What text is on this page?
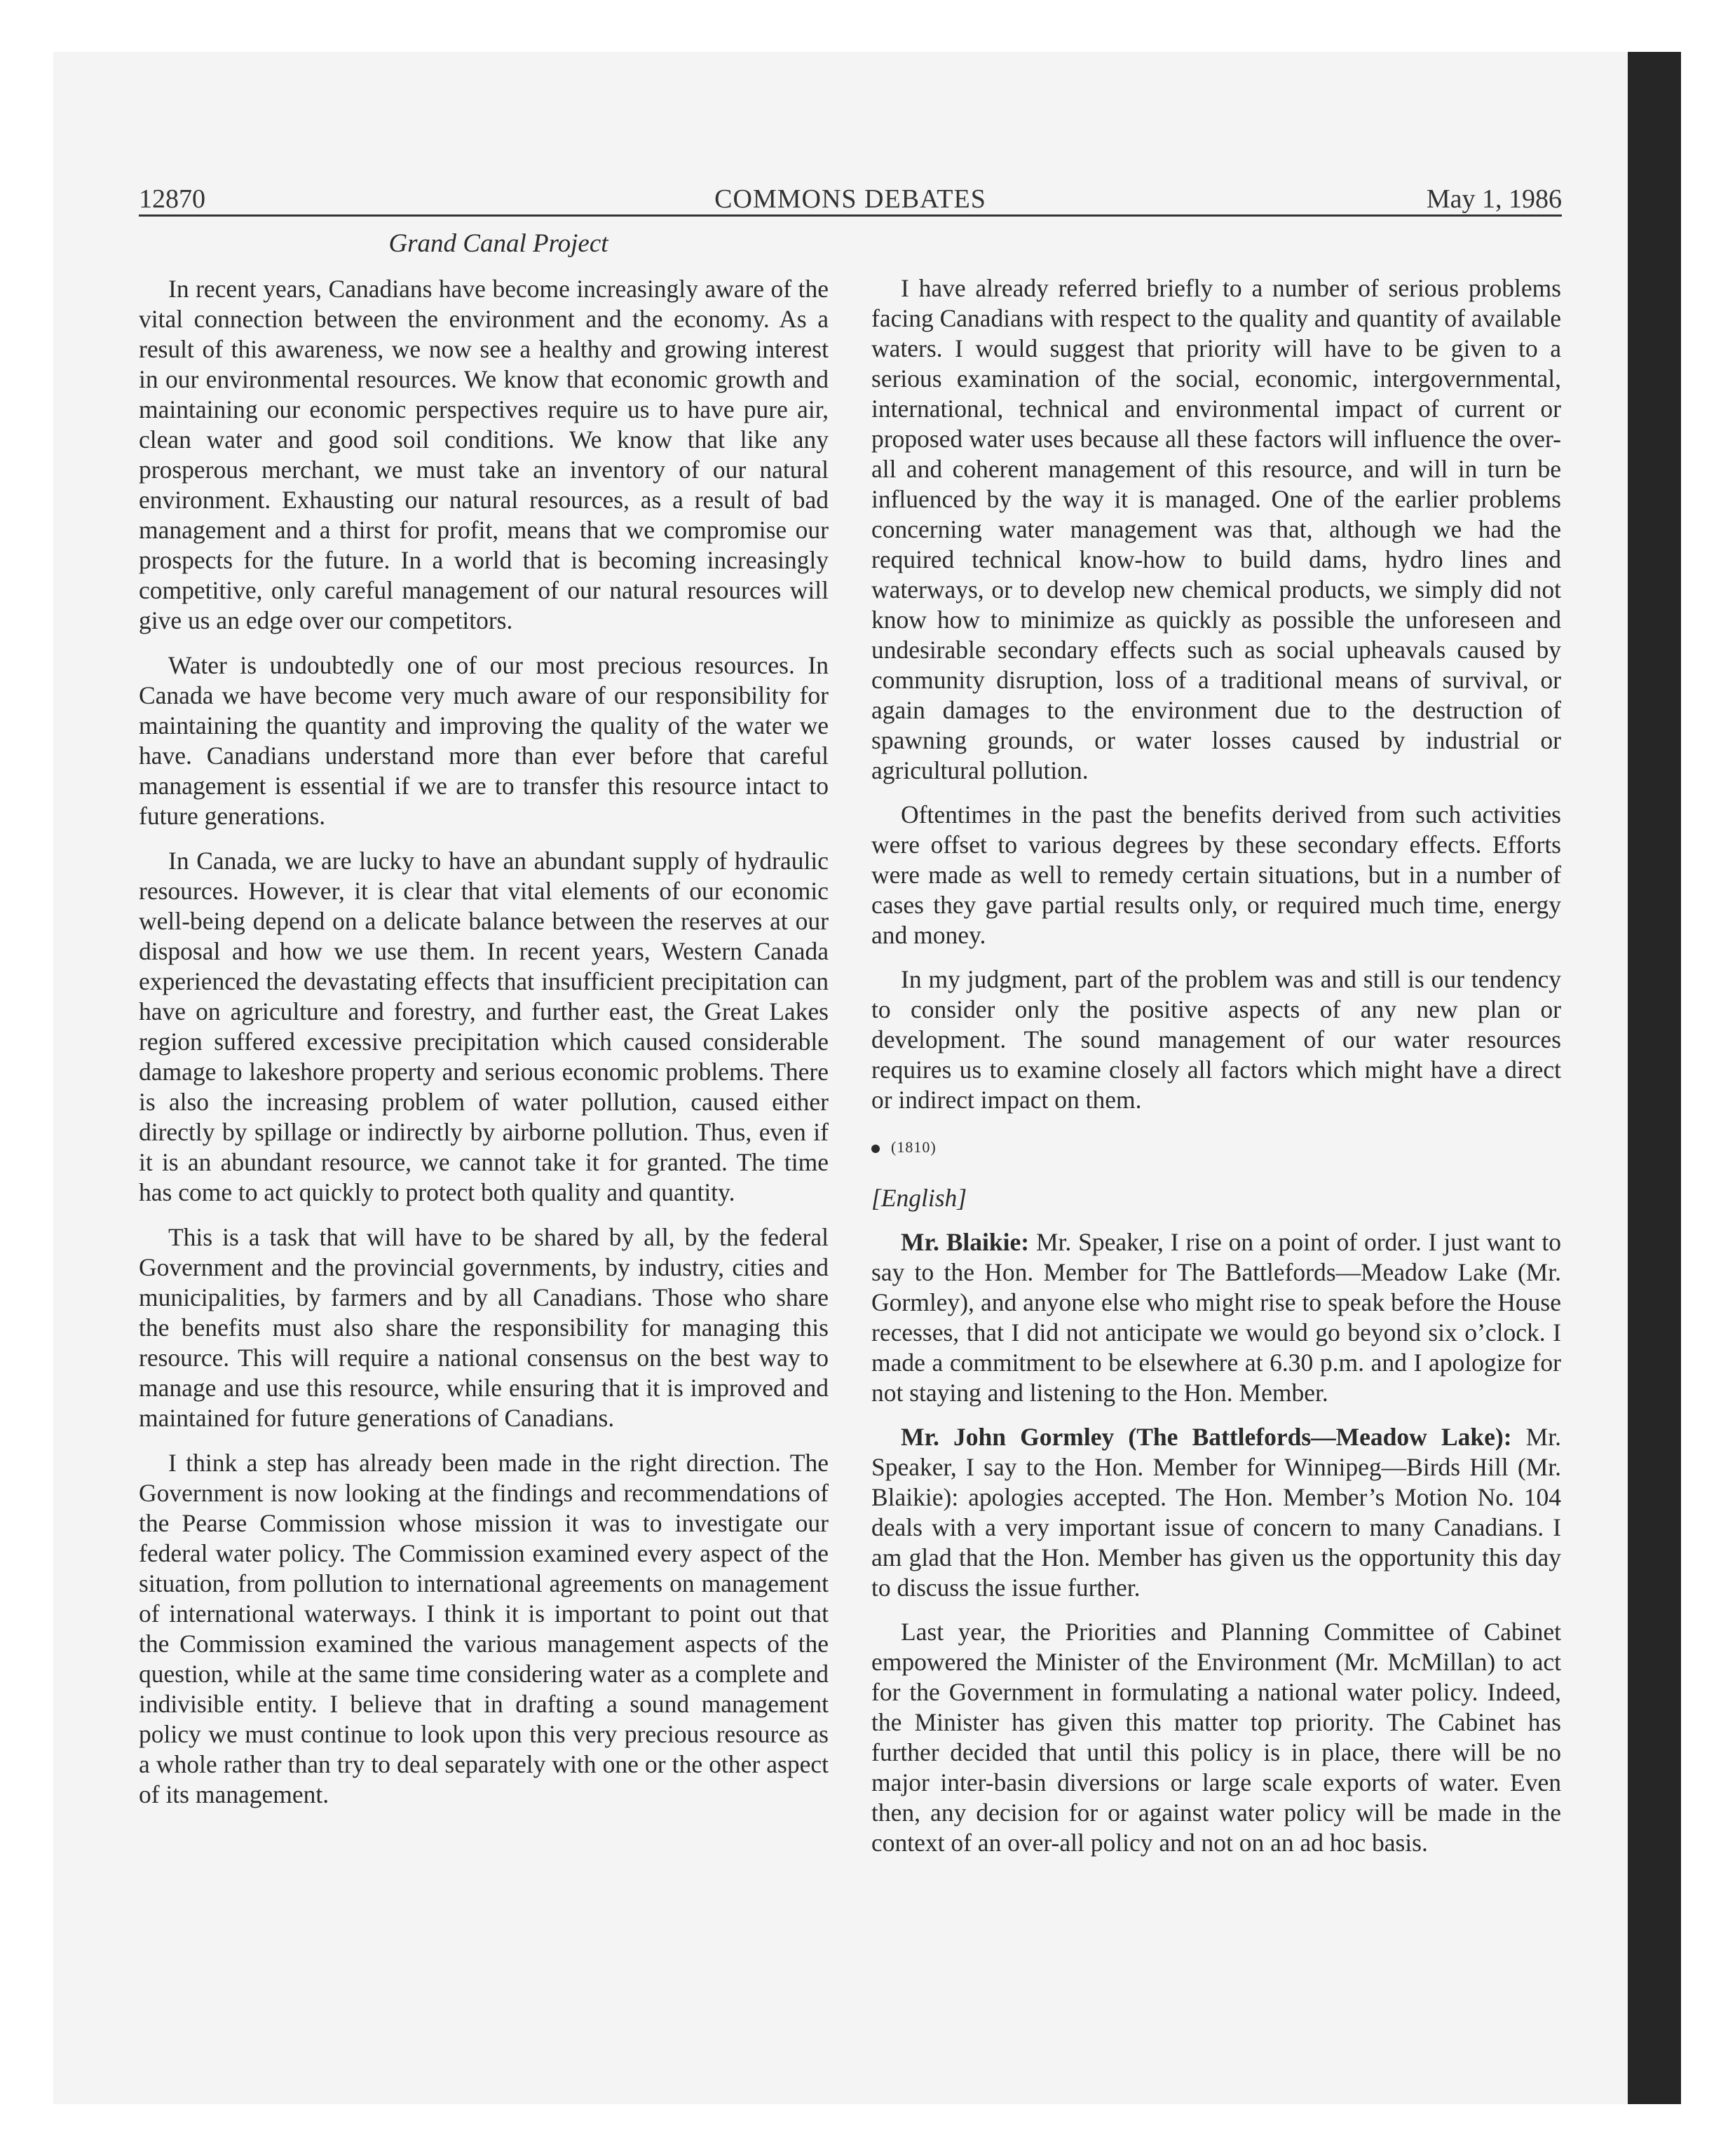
12870	COMMONS DEBATES	May 1, 1986

Grand Canal Project

In recent years, Canadians have become increasingly aware of the vital connection between the environment and the economy. As a result of this awareness, we now see a healthy and growing interest in our environmental resources. We know that economic growth and maintaining our economic perspectives require us to have pure air, clean water and good soil conditions. We know that like any prosperous merchant, we must take an inventory of our natural environment. Exhausting our natural resources, as a result of bad management and a thirst for profit, means that we compromise our prospects for the future. In a world that is becoming increasingly competitive, only careful management of our natural resources will give us an edge over our competitors.

Water is undoubtedly one of our most precious resources. In Canada we have become very much aware of our responsibility for maintaining the quantity and improving the quality of the water we have. Canadians understand more than ever before that careful management is essential if we are to transfer this resource intact to future generations.

In Canada, we are lucky to have an abundant supply of hydraulic resources. However, it is clear that vital elements of our economic well-being depend on a delicate balance between the reserves at our disposal and how we use them. In recent years, Western Canada experienced the devastating effects that insufficient precipitation can have on agriculture and forestry, and further east, the Great Lakes region suffered excessive precipitation which caused considerable damage to lakeshore property and serious economic problems. There is also the increasing problem of water pollution, caused either directly by spillage or indirectly by airborne pollution. Thus, even if it is an abundant resource, we cannot take it for granted. The time has come to act quickly to protect both quality and quantity.

This is a task that will have to be shared by all, by the federal Government and the provincial governments, by industry, cities and municipalities, by farmers and by all Canadians. Those who share the benefits must also share the responsibility for managing this resource. This will require a national consensus on the best way to manage and use this resource, while ensuring that it is improved and maintained for future generations of Canadians.

I think a step has already been made in the right direction. The Government is now looking at the findings and recommendations of the Pearse Commission whose mission it was to investigate our federal water policy. The Commission examined every aspect of the situation, from pollution to international agreements on management of international waterways. I think it is important to point out that the Commission examined the various management aspects of the question, while at the same time considering water as a complete and indivisible entity. I believe that in drafting a sound management policy we must continue to look upon this very precious resource as a whole rather than try to deal separately with one or the other aspect of its management.

I have already referred briefly to a number of serious problems facing Canadians with respect to the quality and quantity of available waters. I would suggest that priority will have to be given to a serious examination of the social, economic, intergovernmental, international, technical and environmental impact of current or proposed water uses because all these factors will influence the over-all and coherent management of this resource, and will in turn be influenced by the way it is managed. One of the earlier problems concerning water management was that, although we had the required technical know-how to build dams, hydro lines and waterways, or to develop new chemical products, we simply did not know how to minimize as quickly as possible the unforeseen and undesirable secondary effects such as social upheavals caused by community disruption, loss of a traditional means of survival, or again damages to the environment due to the destruction of spawning grounds, or water losses caused by industrial or agricultural pollution.

Oftentimes in the past the benefits derived from such activities were offset to various degrees by these secondary effects. Efforts were made as well to remedy certain situations, but in a number of cases they gave partial results only, or required much time, energy and money.

In my judgment, part of the problem was and still is our tendency to consider only the positive aspects of any new plan or development. The sound management of our water resources requires us to examine closely all factors which might have a direct or indirect impact on them.

(1810)

[English]

Mr. Blaikie: Mr. Speaker, I rise on a point of order. I just want to say to the Hon. Member for The Battlefords—Meadow Lake (Mr. Gormley), and anyone else who might rise to speak before the House recesses, that I did not anticipate we would go beyond six o’clock. I made a commitment to be elsewhere at 6.30 p.m. and I apologize for not staying and listening to the Hon. Member.

Mr. John Gormley (The Battlefords—Meadow Lake): Mr. Speaker, I say to the Hon. Member for Winnipeg—Birds Hill (Mr. Blaikie): apologies accepted. The Hon. Member’s Motion No. 104 deals with a very important issue of concern to many Canadians. I am glad that the Hon. Member has given us the opportunity this day to discuss the issue further.

Last year, the Priorities and Planning Committee of Cabinet empowered the Minister of the Environment (Mr. McMillan) to act for the Government in formulating a national water policy. Indeed, the Minister has given this matter top priority. The Cabinet has further decided that until this policy is in place, there will be no major inter-basin diversions or large scale exports of water. Even then, any decision for or against water policy will be made in the context of an over-all policy and not on an ad hoc basis.
